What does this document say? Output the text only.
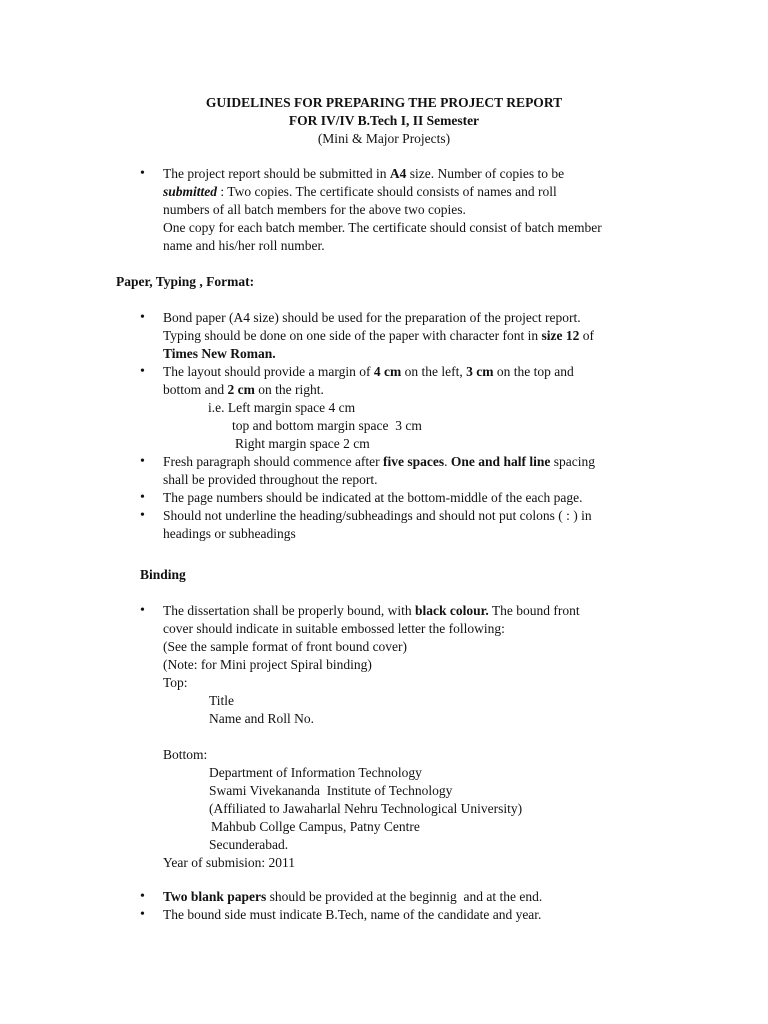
GUIDELINES FOR PREPARING THE PROJECT REPORT
FOR IV/IV B.Tech I, II Semester
(Mini & Major Projects)
• The project report should be submitted in A4 size. Number of copies to be
submitted : Two copies. The certificate should consists of names and roll
numbers of all batch members for the above two copies.
One copy for each batch member. The certificate should consist of batch member
name and his/her roll number.
Paper, Typing , Format:
• Bond paper (A4 size) should be used for the preparation of the project report.
Typing should be done on one side of the paper with character font in size 12 of
Times New Roman.
• The layout should provide a margin of 4 cm on the left, 3 cm on the top and
bottom and 2 cm on the right.
i.e. Left margin space 4 cm
top and bottom margin space  3 cm
Right margin space 2 cm
• Fresh paragraph should commence after five spaces. One and half line spacing
shall be provided throughout the report.
• The page numbers should be indicated at the bottom-middle of the each page.
• Should not underline the heading/subheadings and should not put colons ( : ) in
headings or subheadings
Binding
• The dissertation shall be properly bound, with black colour. The bound front
cover should indicate in suitable embossed letter the following:
(See the sample format of front bound cover)
(Note: for Mini project Spiral binding)
Top:
Title
Name and Roll No.

Bottom:
Department of Information Technology
Swami Vivekananda  Institute of Technology
(Affiliated to Jawaharlal Nehru Technological University)
Mahbub Collge Campus, Patny Centre
Secunderabad.
Year of submision: 2011
• Two blank papers should be provided at the beginnig  and at the end.
• The bound side must indicate B.Tech, name of the candidate and year.
